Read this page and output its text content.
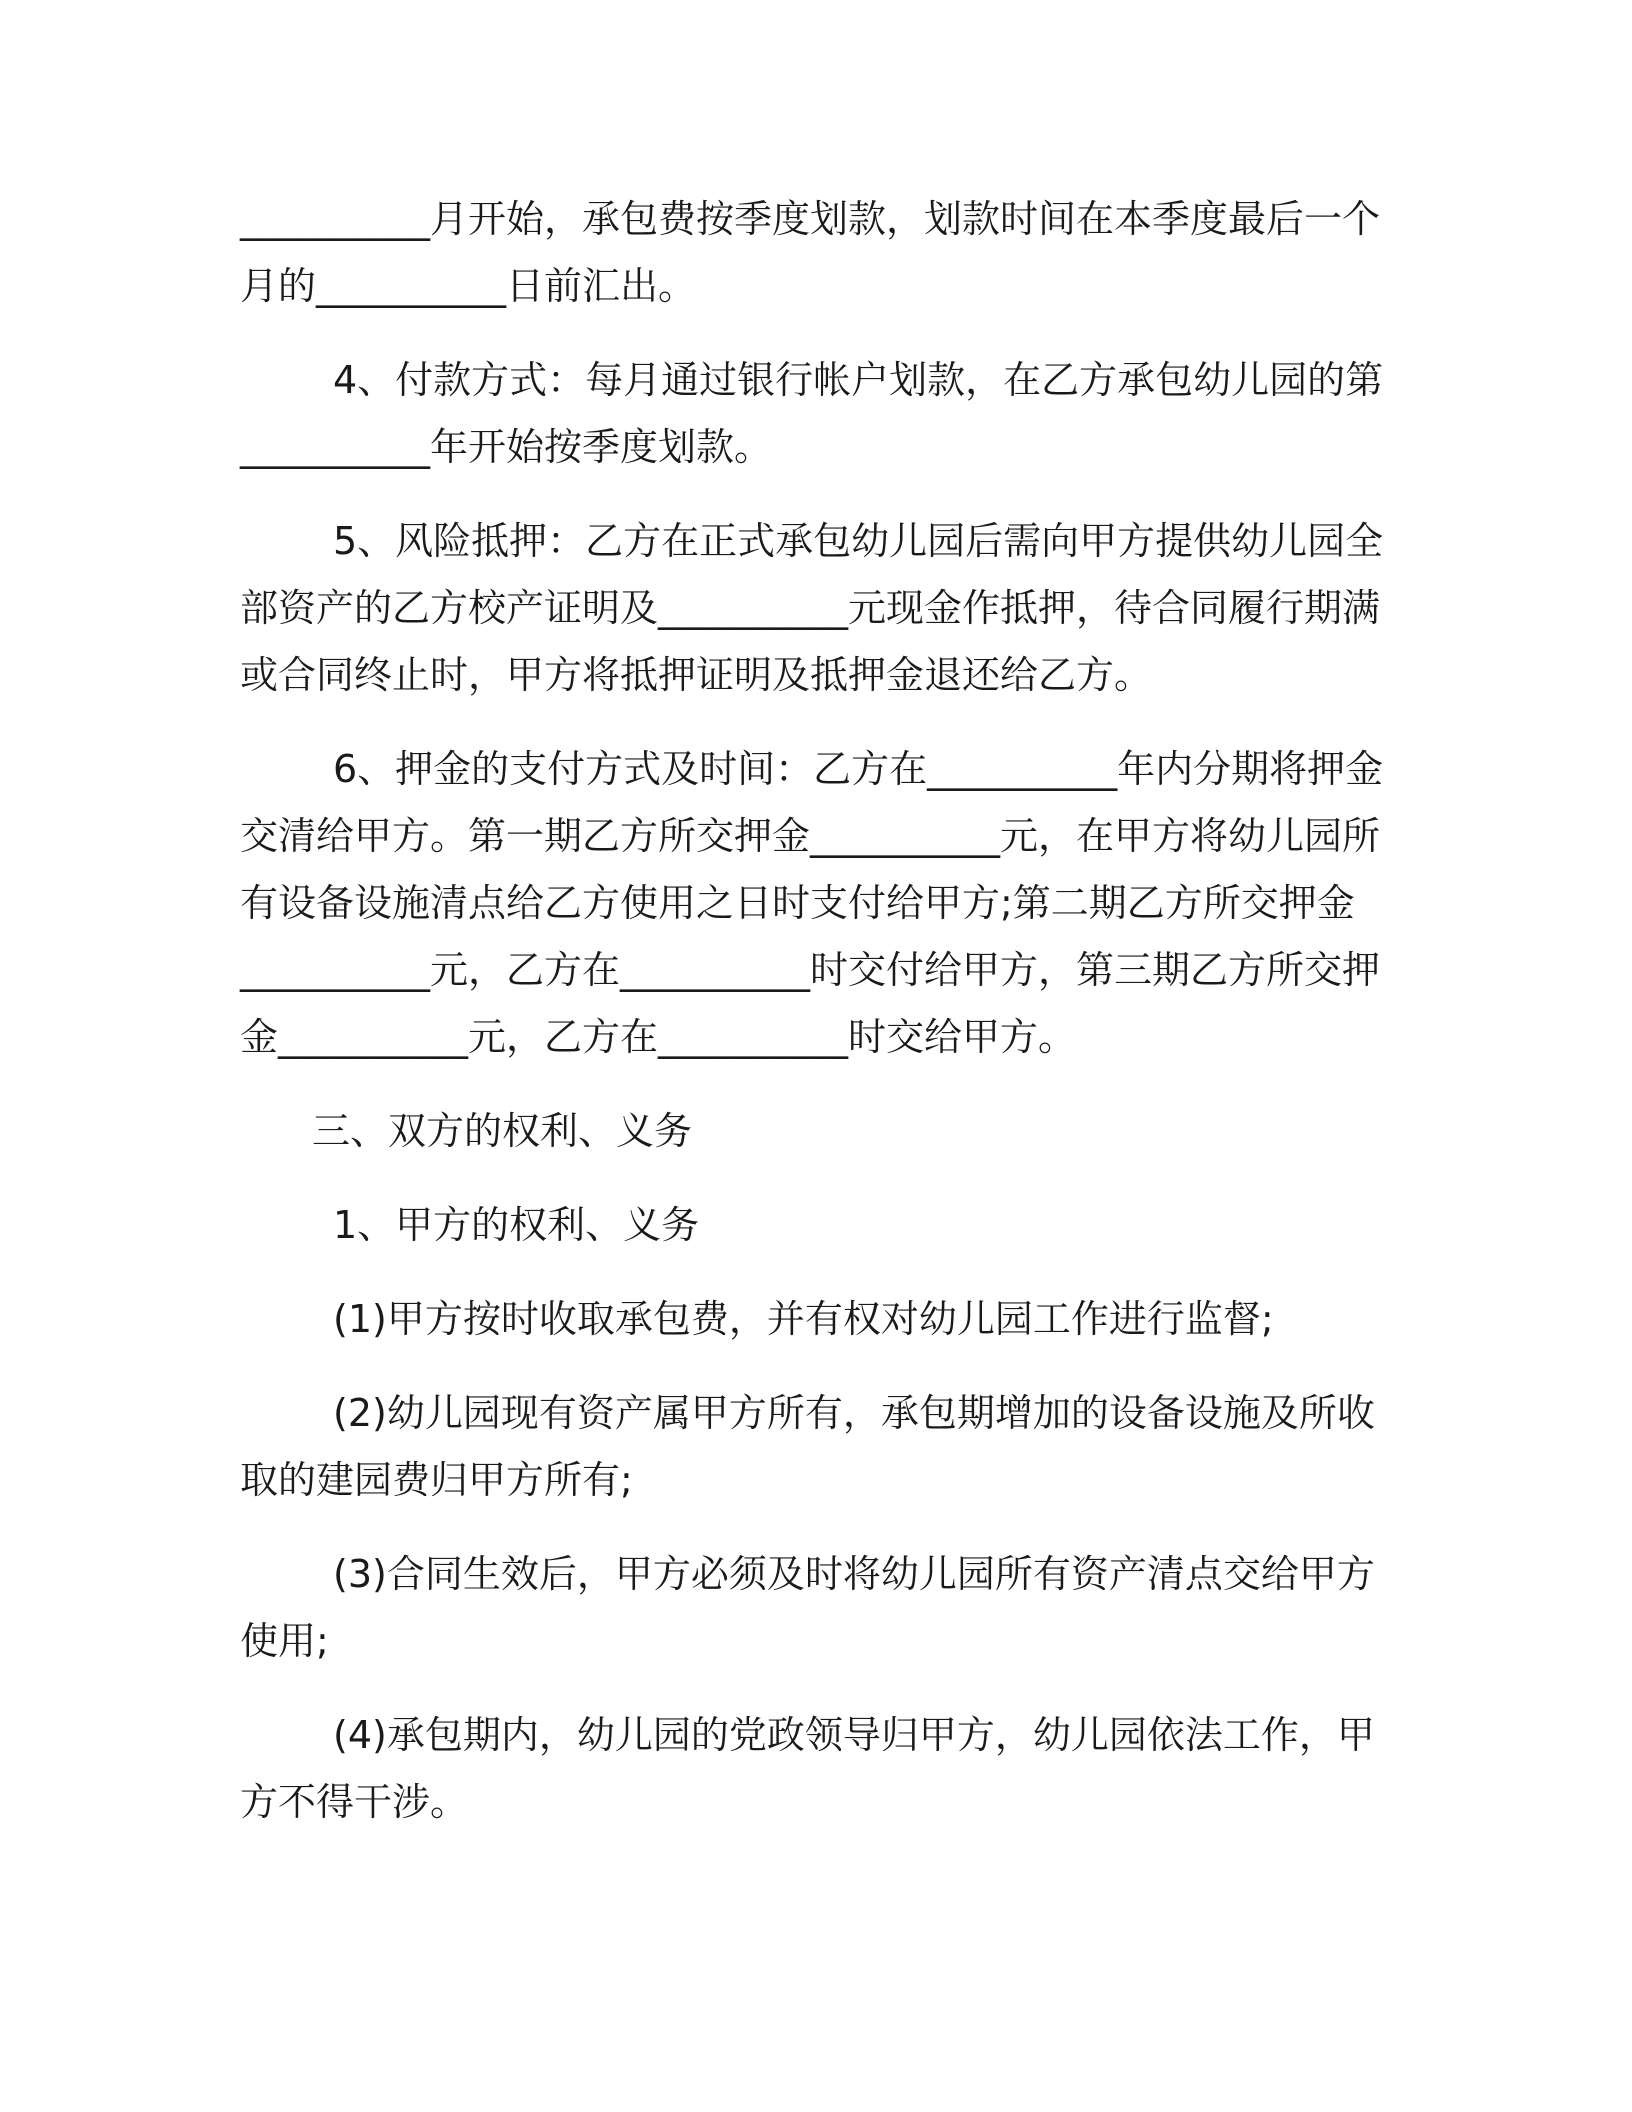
__________月开始，承包费按季度划款，划款时间在本季度最后一个
月的__________日前汇出。

4、付款方式：每月通过银行帐户划款，在乙方承包幼儿园的第
__________年开始按季度划款。

5、风险抵押：乙方在正式承包幼儿园后需向甲方提供幼儿园全
部资产的乙方校产证明及__________元现金作抵押，待合同履行期满
或合同终止时，甲方将抵押证明及抵押金退还给乙方。

6、押金的支付方式及时间：乙方在__________年内分期将押金
交清给甲方。第一期乙方所交押金__________元，在甲方将幼儿园所
有设备设施清点给乙方使用之日时支付给甲方;第二期乙方所交押金
__________元，乙方在__________时交付给甲方，第三期乙方所交押
金__________元，乙方在__________时交给甲方。

三、双方的权利、义务

1、甲方的权利、义务

(1)甲方按时收取承包费，并有权对幼儿园工作进行监督;

(2)幼儿园现有资产属甲方所有，承包期增加的设备设施及所收
取的建园费归甲方所有;

(3)合同生效后，甲方必须及时将幼儿园所有资产清点交给甲方
使用;

(4)承包期内，幼儿园的党政领导归甲方，幼儿园依法工作，甲
方不得干涉。
